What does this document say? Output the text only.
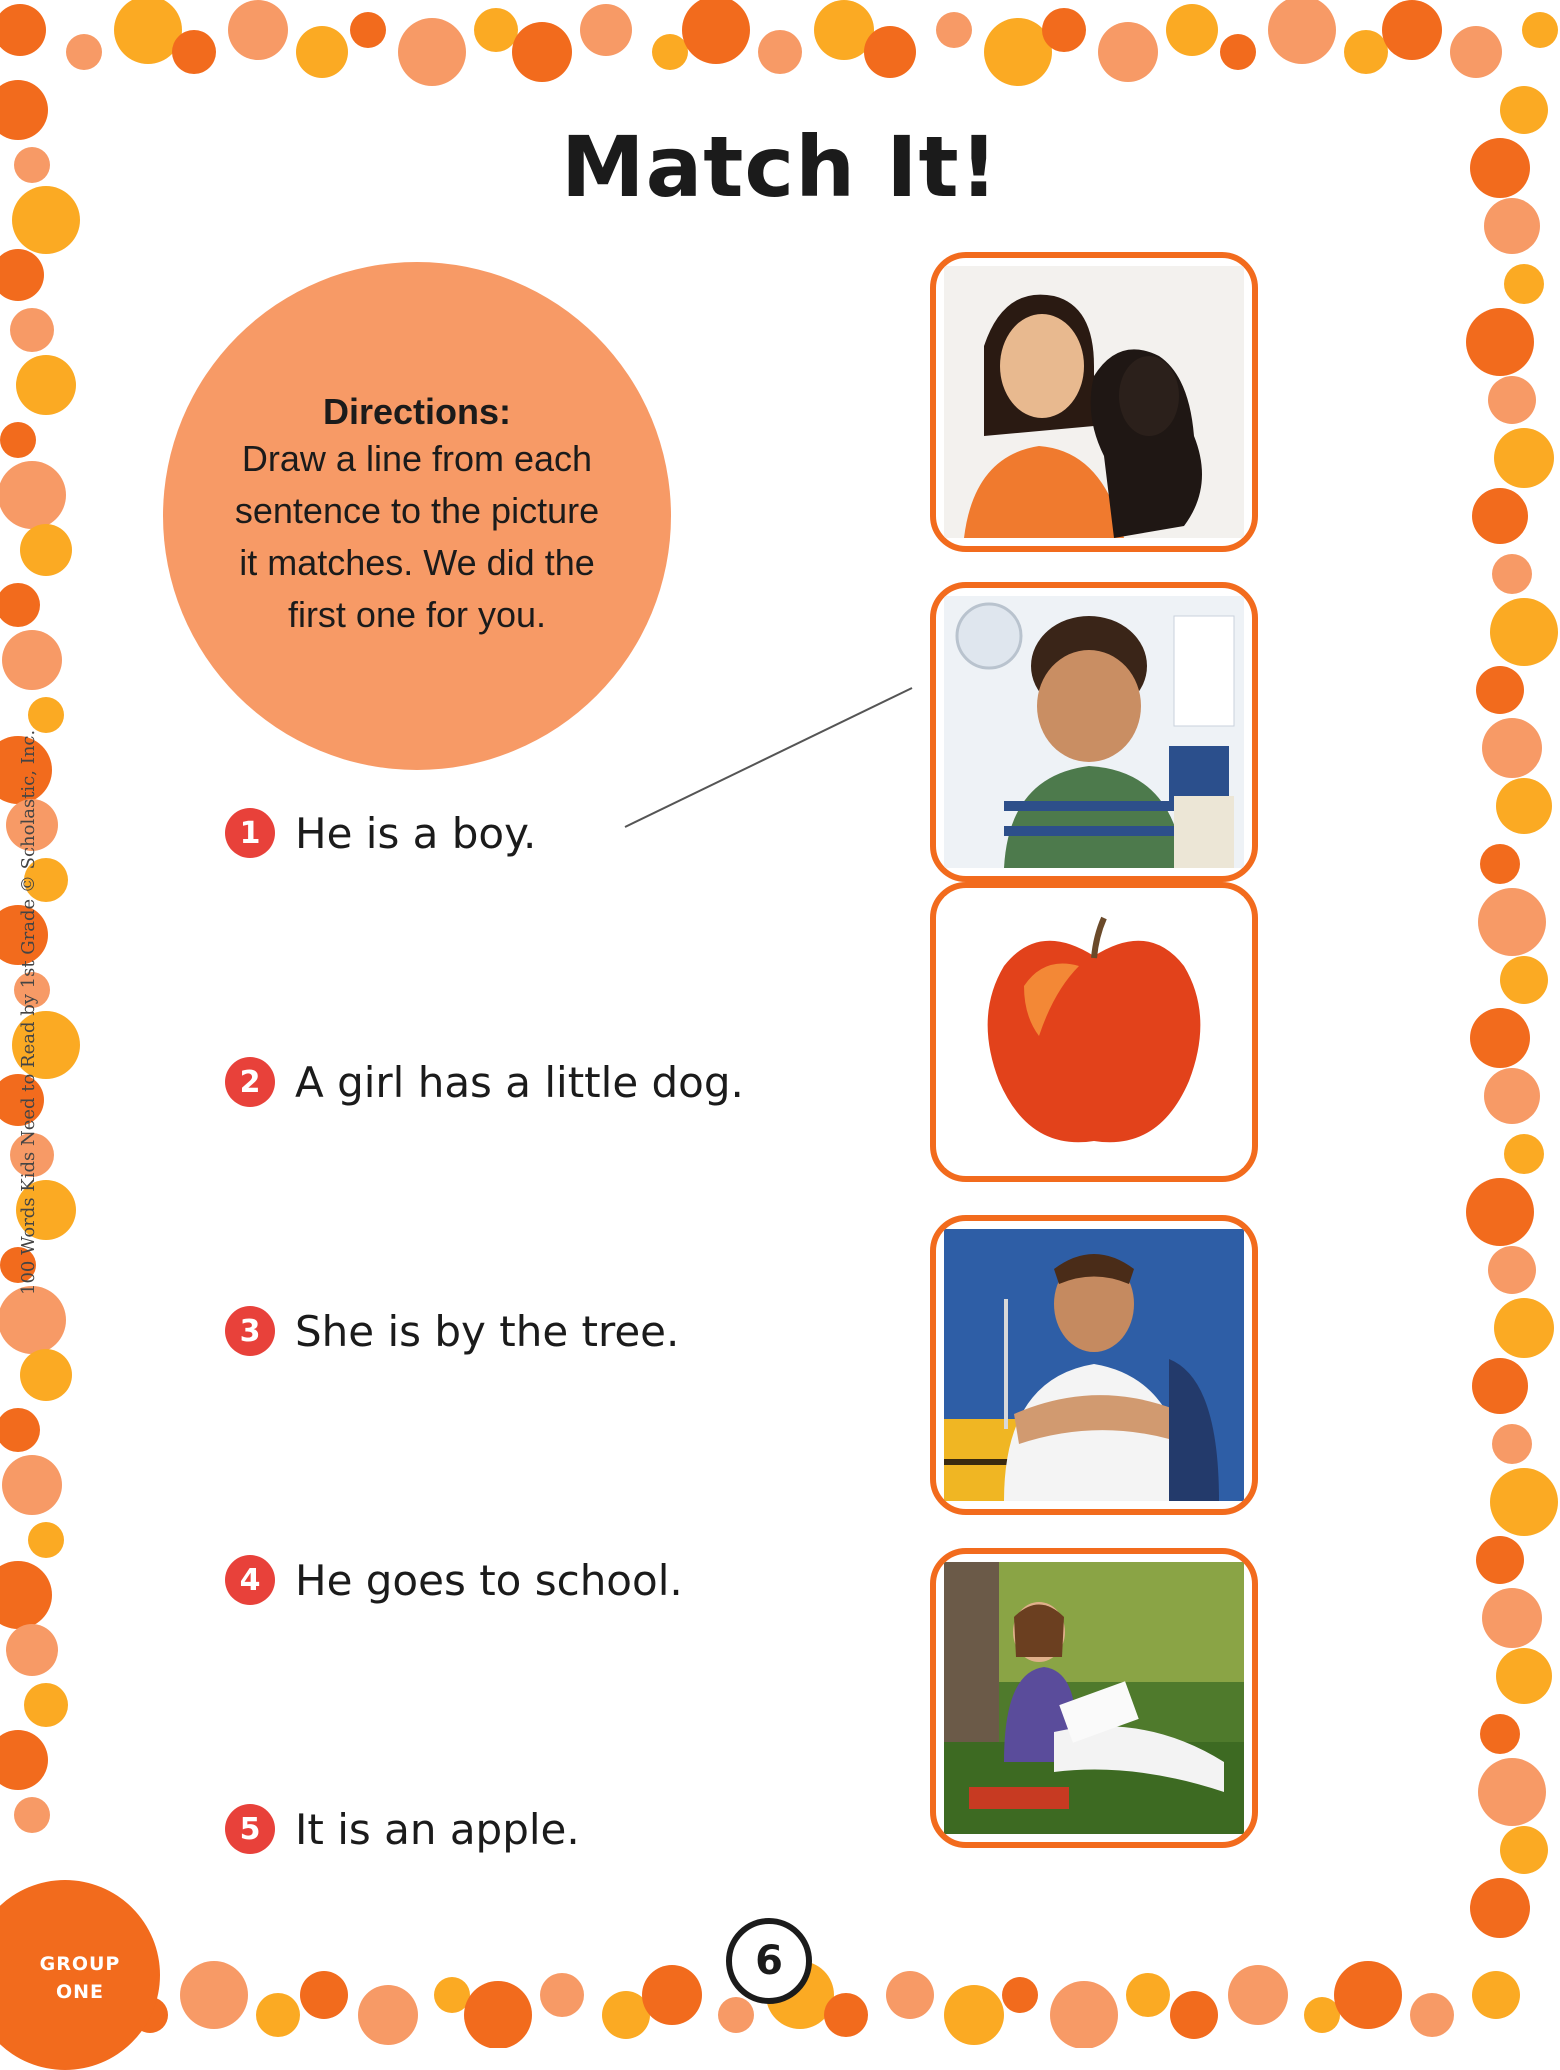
Match It!
Directions:
Draw a line from each sentence to the picture it matches. We did the first one for you.
1 He is a boy.
2 A girl has a little dog.
3 She is by the tree.
4 He goes to school.
5 It is an apple.
100 Words Kids Need to Read by 1st Grade © Scholastic, Inc.
GROUP ONE
6
